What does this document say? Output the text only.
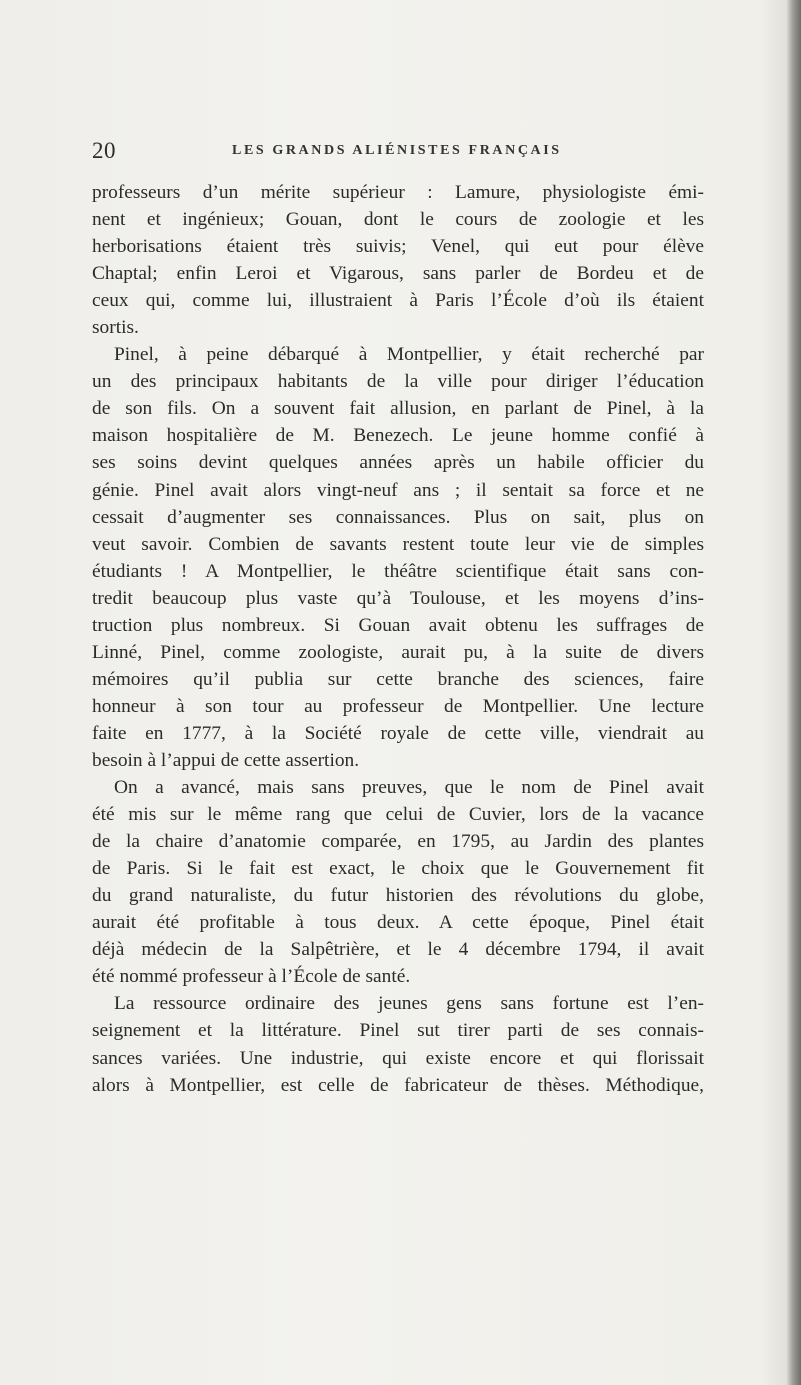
20	LES GRANDS ALIÉNISTES FRANÇAIS
professeurs d’un mérite supérieur : Lamure, physiologiste émi-
nent et ingénieux; Gouan, dont le cours de zoologie et les
herborisations étaient très suivis; Venel, qui eut pour élève
Chaptal; enfin Leroi et Vigarous, sans parler de Bordeu et de
ceux qui, comme lui, illustraient à Paris l’École d’où ils étaient
sortis.
Pinel, à peine débarqué à Montpellier, y était recherché par
un des principaux habitants de la ville pour diriger l’éducation
de son fils. On a souvent fait allusion, en parlant de Pinel, à la
maison hospitalière de M. Benezech. Le jeune homme confié à
ses soins devint quelques années après un habile officier du
génie. Pinel avait alors vingt-neuf ans ; il sentait sa force et ne
cessait d’augmenter ses connaissances. Plus on sait, plus on
veut savoir. Combien de savants restent toute leur vie de simples
étudiants ! A Montpellier, le théâtre scientifique était sans con-
tredit beaucoup plus vaste qu’à Toulouse, et les moyens d’ins-
truction plus nombreux. Si Gouan avait obtenu les suffrages de
Linné, Pinel, comme zoologiste, aurait pu, à la suite de divers
mémoires qu’il publia sur cette branche des sciences, faire
honneur à son tour au professeur de Montpellier. Une lecture
faite en 1777, à la Société royale de cette ville, viendrait au
besoin à l’appui de cette assertion.
On a avancé, mais sans preuves, que le nom de Pinel avait
été mis sur le même rang que celui de Cuvier, lors de la vacance
de la chaire d’anatomie comparée, en 1795, au Jardin des plantes
de Paris. Si le fait est exact, le choix que le Gouvernement fit
du grand naturaliste, du futur historien des révolutions du globe,
aurait été profitable à tous deux. A cette époque, Pinel était
déjà médecin de la Salpêtrière, et le 4 décembre 1794, il avait
été nommé professeur à l’École de santé.
La ressource ordinaire des jeunes gens sans fortune est l’en-
seignement et la littérature. Pinel sut tirer parti de ses connais-
sances variées. Une industrie, qui existe encore et qui florissait
alors à Montpellier, est celle de fabricateur de thèses. Méthodique,
